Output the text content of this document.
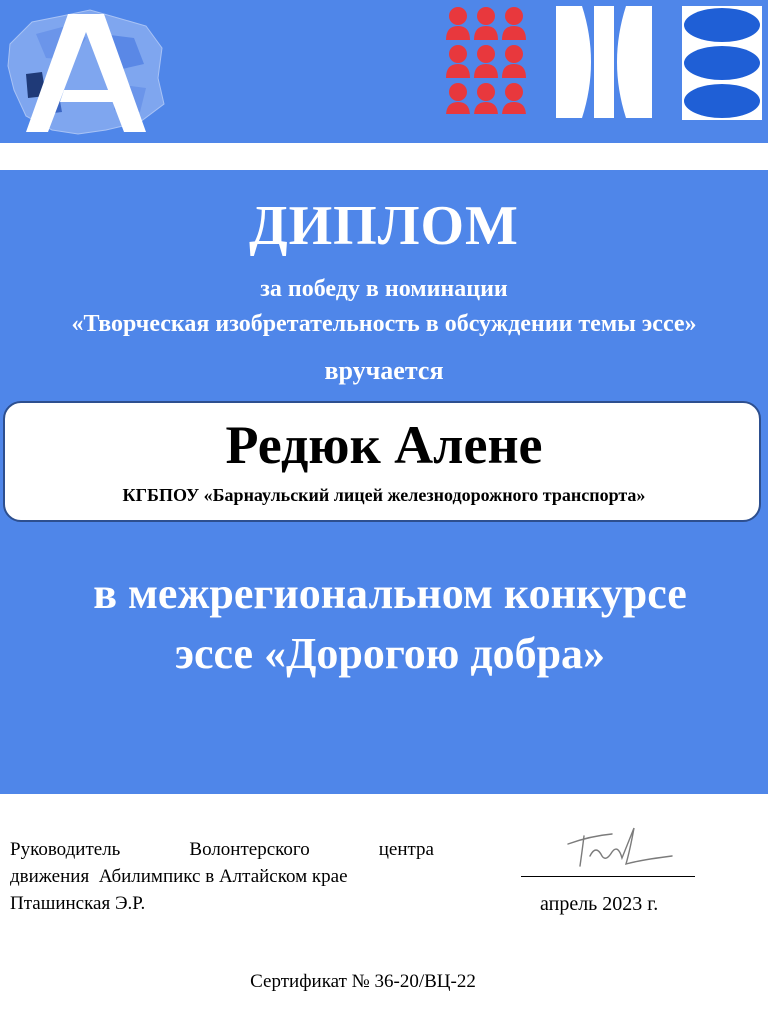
ДИПЛОМ
за победу в номинации
«Творческая изобретательность в обсуждении темы эссе»
вручается
Редюк Алене
КГБПОУ «Барнаульский лицей железнодорожного транспорта»
в межрегиональном конкурсе
эссе «Дорогою добра»
Руководитель	Волонтерского	центра
движения  Абилимпикс в Алтайском крае
Пташинская Э.Р.	апрель 2023 г.
Сертификат № 36-20/ВЦ-22
